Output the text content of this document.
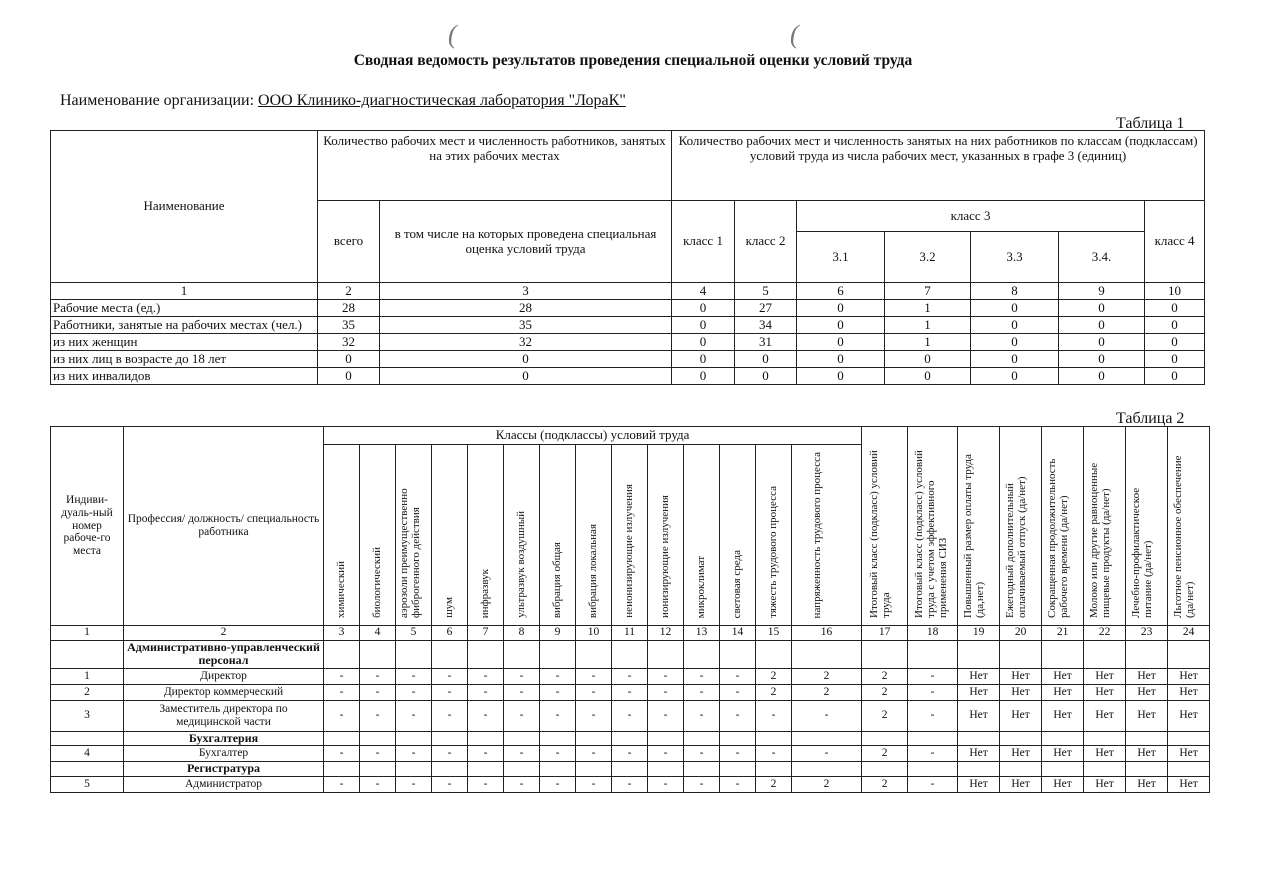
(	(
Сводная ведомость результатов проведения специальной оценки условий труда
Наименование организации: ООО Клинико-диагностическая лаборатория "ЛораК"
Таблица 1
Наименование	Количество рабочих мест и численность работников, занятых на этих рабочих местах		Количество рабочих мест и численность занятых на них работников по классам (подклассам) условий труда из числа рабочих мест, указанных в графе 3 (единиц)						
	всего	в том числе на которых проведена специальная оценка условий труда	класс 1	класс 2	класс 3				класс 4
					3.1	3.2	3.3	3.4.	
1	2	3	4	5	6	7	8	9	10
Рабочие места (ед.)	28	28	0	27	0	1	0	0	0
Работники, занятые на рабочих местах (чел.)	35	35	0	34	0	1	0	0	0
из них женщин	32	32	0	31	0	1	0	0	0
из них лиц в возрасте до 18 лет	0	0	0	0	0	0	0	0	0
из них инвалидов	0	0	0	0	0	0	0	0	0
Таблица 2
Индиви-дуаль-ный номер рабоче-го места	Профессия/ должность/ специальность работника	Классы (подклассы) условий труда														Итоговый класс (подкласс) условий труда	Итоговый класс (подкласс) условий труда с учетом эффективного применения СИЗ	Повышенный размер оплаты труда (да,нет)	Ежегодный дополнительный оплачиваемый отпуск (да/нет)	Сокращенная продолжительность рабочего времени (да/нет)	Молоко или другие равноценные пищевые продукты (да/нет)	Лечебно-профилактическое питание (да/нет)	Льготное пенсионное обеспечение (да/нет)
		химический	биологический	аэрозоли преимущественно фиброгенного действия	шум	инфразвук	ультразвук воздушный	вибрация общая	вибрация локальная	неионизирующие излучения	ионизирующие излучения	микроклимат	световая среда	тяжесть трудового процесса	напряженность трудового процесса								
1	2	3	4	5	6	7	8	9	10	11	12	13	14	15	16	17	18	19	20	21	22	23	24
	Административно-управленческий персонал																						
1	Директор	-	-	-	-	-	-	-	-	-	-	-	-	2	2	2	-	Нет	Нет	Нет	Нет	Нет	Нет
2	Директор коммерческий	-	-	-	-	-	-	-	-	-	-	-	-	2	2	2	-	Нет	Нет	Нет	Нет	Нет	Нет
3	Заместитель директора по медицинской части	-	-	-	-	-	-	-	-	-	-	-	-	-	-	2	-	Нет	Нет	Нет	Нет	Нет	Нет
	Бухгалтерия																						
4	Бухгалтер	-	-	-	-	-	-	-	-	-	-	-	-	-	-	2	-	Нет	Нет	Нет	Нет	Нет	Нет
	Регистратура																						
5	Администратор	-	-	-	-	-	-	-	-	-	-	-	-	2	2	2	-	Нет	Нет	Нет	Нет	Нет	Нет
